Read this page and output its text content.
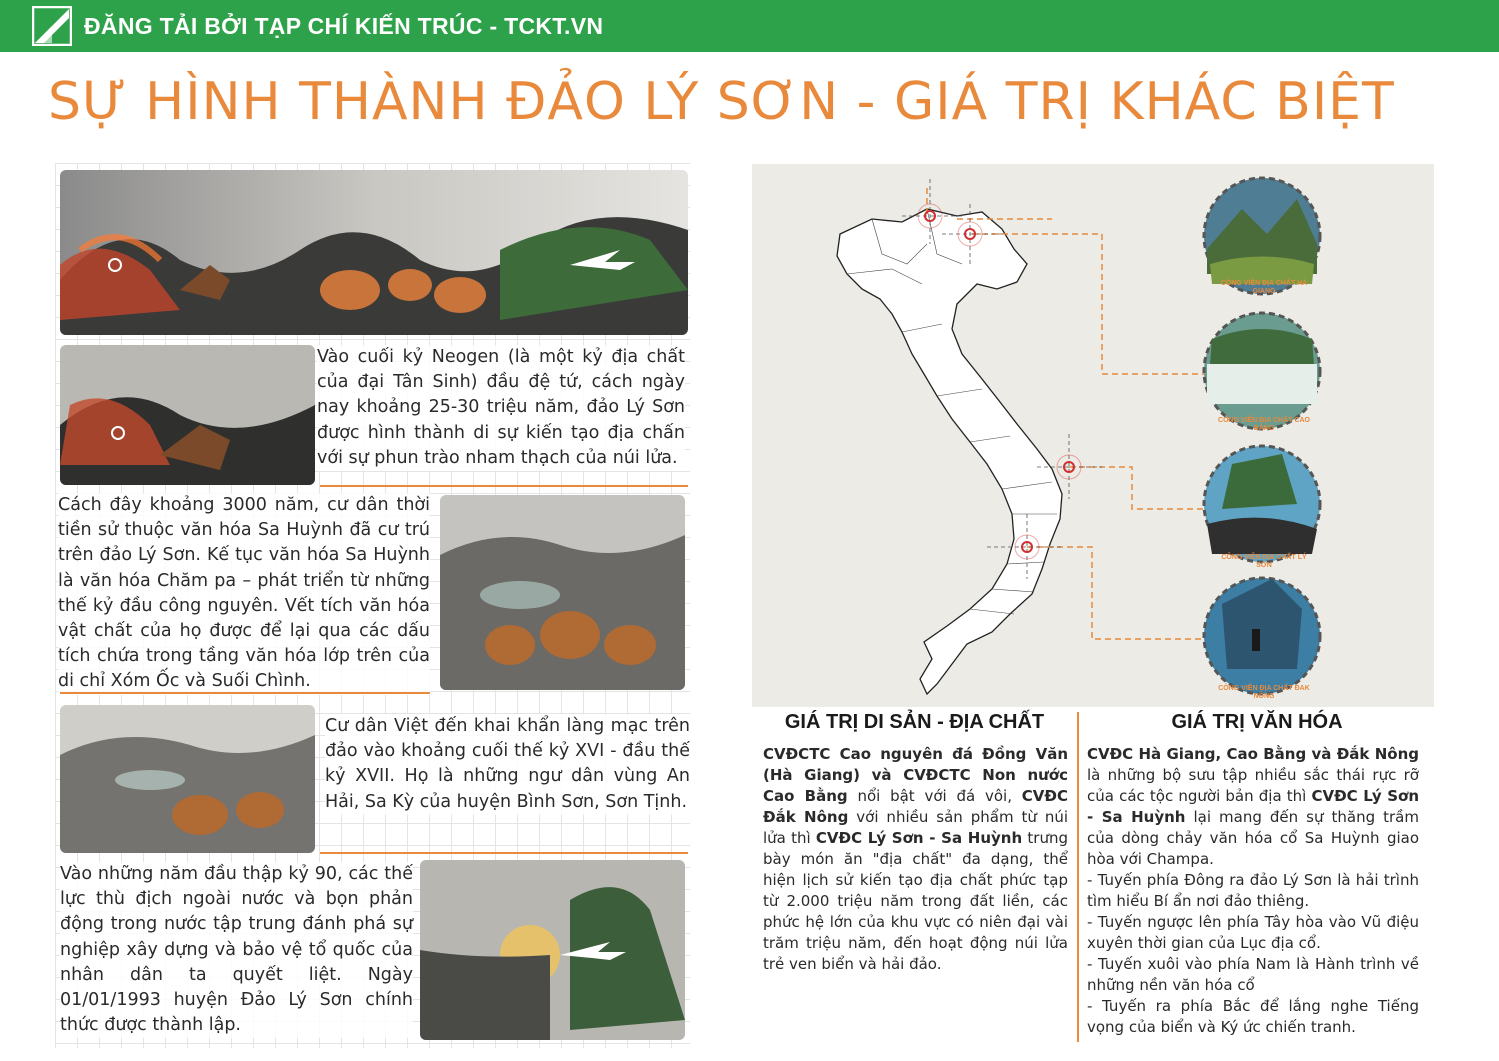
ĐĂNG TẢI BỞI TẠP CHÍ KIẾN TRÚC - TCKT.VN
SỰ HÌNH THÀNH ĐẢO LÝ SƠN - GIÁ TRỊ KHÁC BIỆT
Vào cuối kỷ Neogen (là một kỷ địa chất của đại Tân Sinh) đầu đệ tứ, cách ngày nay khoảng 25-30 triệu năm, đảo Lý Sơn được hình thành di sự kiến tạo địa chấn với sự phun trào nham thạch của núi lửa.
Cách đây khoảng 3000 năm, cư dân thời tiền sử thuộc văn hóa Sa Huỳnh đã cư trú trên đảo Lý Sơn. Kế tục văn hóa Sa Huỳnh là văn hóa Chăm pa – phát triển từ những thế kỷ đầu công nguyên. Vết tích văn hóa vật chất của họ được để lại qua các dấu tích chứa trong tầng văn hóa lớp trên của di chỉ Xóm Ốc và Suối Chình.
Cư dân Việt đến khai khẩn làng mạc trên đảo vào khoảng cuối thế kỷ XVI - đầu thế kỷ XVII. Họ là những ngư dân vùng An Hải, Sa Kỳ của huyện Bình Sơn, Sơn Tịnh.
Vào những năm đầu thập kỷ 90, các thế lực thù địch ngoài nước và bọn phản động trong nước tập trung đánh phá sự nghiệp xây dựng và bảo vệ tổ quốc của nhân dân ta quyết liệt. Ngày 01/01/1993 huyện Đảo Lý Sơn chính thức được thành lập.
CÔNG VIÊN ĐỊA CHẤT HÀ GIANG
CÔNG VIÊN ĐỊA CHẤT CAO BẰNG
CÔNG VIÊN ĐỊA CHẤT LÝ SƠN
CÔNG VIÊN ĐỊA CHẤT ĐAK NÔNG
GIÁ TRỊ DI SẢN - ĐỊA CHẤT	GIÁ TRỊ VĂN HÓA
CVĐCTC Cao nguyên đá Đồng Văn (Hà Giang) và CVĐCTC Non nước Cao Bằng nổi bật với đá vôi, CVĐC Đắk Nông với nhiều sản phẩm từ núi lửa thì CVĐC Lý Sơn - Sa Huỳnh trưng bày món ăn "địa chất" đa dạng, thể hiện lịch sử kiến tạo địa chất phức tạp từ 2.000 triệu năm trong đất liền, các phức hệ lớn của khu vực có niên đại vài trăm triệu năm, đến hoạt động núi lửa trẻ ven biển và hải đảo.
CVĐC Hà Giang, Cao Bằng và Đắk Nông là những bộ sưu tập nhiều sắc thái rực rỡ của các tộc người bản địa thì CVĐC Lý Sơn - Sa Huỳnh lại mang đến sự thăng trầm của dòng chảy văn hóa cổ Sa Huỳnh giao hòa với Champa.
- Tuyến phía Đông ra đảo Lý Sơn là hải trình tìm hiểu Bí ẩn nơi đảo thiêng.
- Tuyến ngược lên phía Tây hòa vào Vũ điệu xuyên thời gian của Lục địa cổ.
- Tuyến xuôi vào phía Nam là Hành trình về những nền văn hóa cổ
- Tuyến ra phía Bắc để lắng nghe Tiếng vọng của biển và Ký ức chiến tranh.
